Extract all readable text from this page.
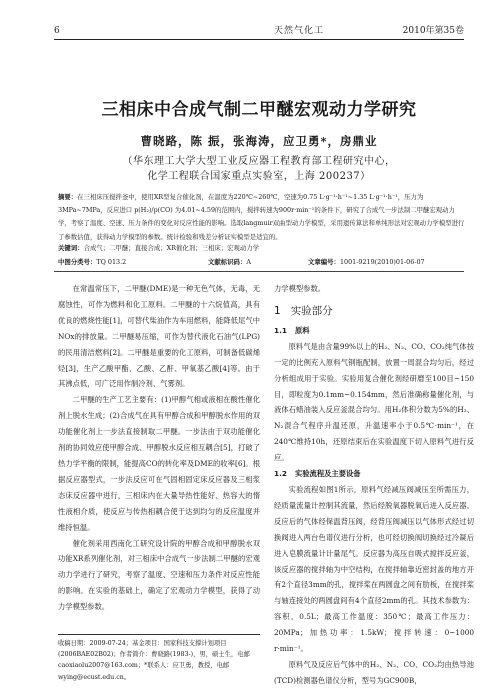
6	天然气化工	2010年第35卷
三相床中合成气制二甲醚宏观动力学研究
曹晓路，陈 振，张海涛，应卫勇*，房鼎业
（华东理工大学大型工业反应器工程教育部工程研究中心，
化学工程联合国家重点实验室，上海 200237）
摘要：在三相床压搅拌釜中，使用XR型复合催化剂，在温度为220℃~260℃，空速为0.75 L·g⁻¹·h⁻¹~1.35 L·g⁻¹·h⁻¹，压力为3MPa~7MPa，反应进口 p(H₂)/p(CO) 为4.01~4.59的范围内，搅拌转速为900r·min⁻¹的条件下，研究了合成气一步法制二甲醚宏观动力学，考察了温度、空速、压力条件的变化对反应性能的影响。选取langmuir双曲型动力学模型，采用遗传算法和单纯形法对宏观动力学模型进行了参数估值，获得动力学模型的参数。统计检验和残差分析证实模型是适宜的。
关键词：合成气；二甲醚；直接合成；XR催化剂；三相床；宏观动力学
中图分类号：TQ 013.2	文献标识码：A	文章编号：1001-9219(2010)01-06-07

在常温常压下，二甲醚(DME)是一种无色气体，无毒，无腐蚀性，可作为燃料和化工原料。二甲醚的十六烷值高，具有优良的燃烧性能[1]，可替代柴油作为车用燃料，能降低尾气中NOx的排放量。二甲醚易压缩，可作为替代液化石油气(LPG)的民用清洁燃料[2]。二甲醚是重要的化工原料，可制备低碳烯烃[3]，生产乙酸甲酯、乙酸、乙酐、甲氧基乙酸[4]等。由于其沸点低，可广泛用作制冷剂、气雾剂。

二甲醚的生产工艺主要有：(1)甲醇气相或液相在酸性催化剂上脱水生成；(2)合成气在具有甲醇合成和甲醇脱水作用的双功能催化剂上一步法直接制取二甲醚。一步法由于双功能催化剂的协同效应使甲醇合成、甲醇脱水反应相互耦合[5]，打破了热力学平衡的限制，能提高CO的转化率及DME的收率[6]。根据反应器型式，一步法反应可在气固相固定床反应器及三相浆态床反应器中进行，三相床内在大量导热性能好、热容大的惰性液相介质，使反应与传热相耦合使于达到均匀的反应温度并维持恒温。

催化剂采用西南化工研究设计院的甲醇合成和甲醇脱水双功能XR系列催化剂，对三相床中合成气一步法制二甲醚的宏观动力学进行了研究，考察了温度、空速和压力条件对反应性能的影响。在实验的基础上，确定了宏观动力学模型，获得了动力学模型参数。

力学模型参数。

1 实验部分
1.1 原料

原料气是由含量99%以上的H₂、N₂、CO、CO₂纯气体按一定的比例充入原料气钢瓶配制，放置一周混合均匀后，经过分析组成用于实验。实验用复合催化剂经研磨至100目~150目，即粒度为0.1mm~0.154mm，然后准确称量催化剂，与液体石蜡油装入反应釜混合均匀。用H₂体积分数为5%的H₂、N₂混合气程序升温还原，升温速率小于0.5℃·min⁻¹，在240℃维持10h，还原结束后在实验温度下切入原料气进行反应。

1.2 实验流程及主要设备

实验流程如图1所示，原料气经减压阀减压至所需压力，经质量流量计控制其流量，然后经脱氧器脱氧后进入反应器。反应后的气体经保温背压阀，经背压阀减压以气体形式经过切换阀进入两台色谱仪进行分析，也可经切换阀切换经过冷凝后进入皂膜流量计计量尾气。反应器为高压自吸式搅拌反应釜，该反应器的搅拌轴为中空结构，在搅拌轴靠近密封盖的地方开有2个直径3mm的孔，搅拌桨在两圆盘之间有肋板，在搅拌桨与轴连接处的两圆盘间有4个直径2mm的孔。其技术参数为：容积，0.5L；最高工作温度：350℃；最高工作压力：20MPa；加热功率：1.5kW；搅拌转速：0~1000 r·min⁻¹。

原料气及反应后气体中的H₂、N₂、CO、CO₂均由热导池(TCD)检测器色谱仪分析，型号为GC900B，

收稿日期：2009-07-24；基金项目：国家科技支撑计划项目(2006BAE02B02)；作者简介：曹晓路(1983-)，男，硕士生，电邮caoxiaolu2007@163.com；*联系人：应卫勇，教授，电邮wying@ecust.edu.cn。
